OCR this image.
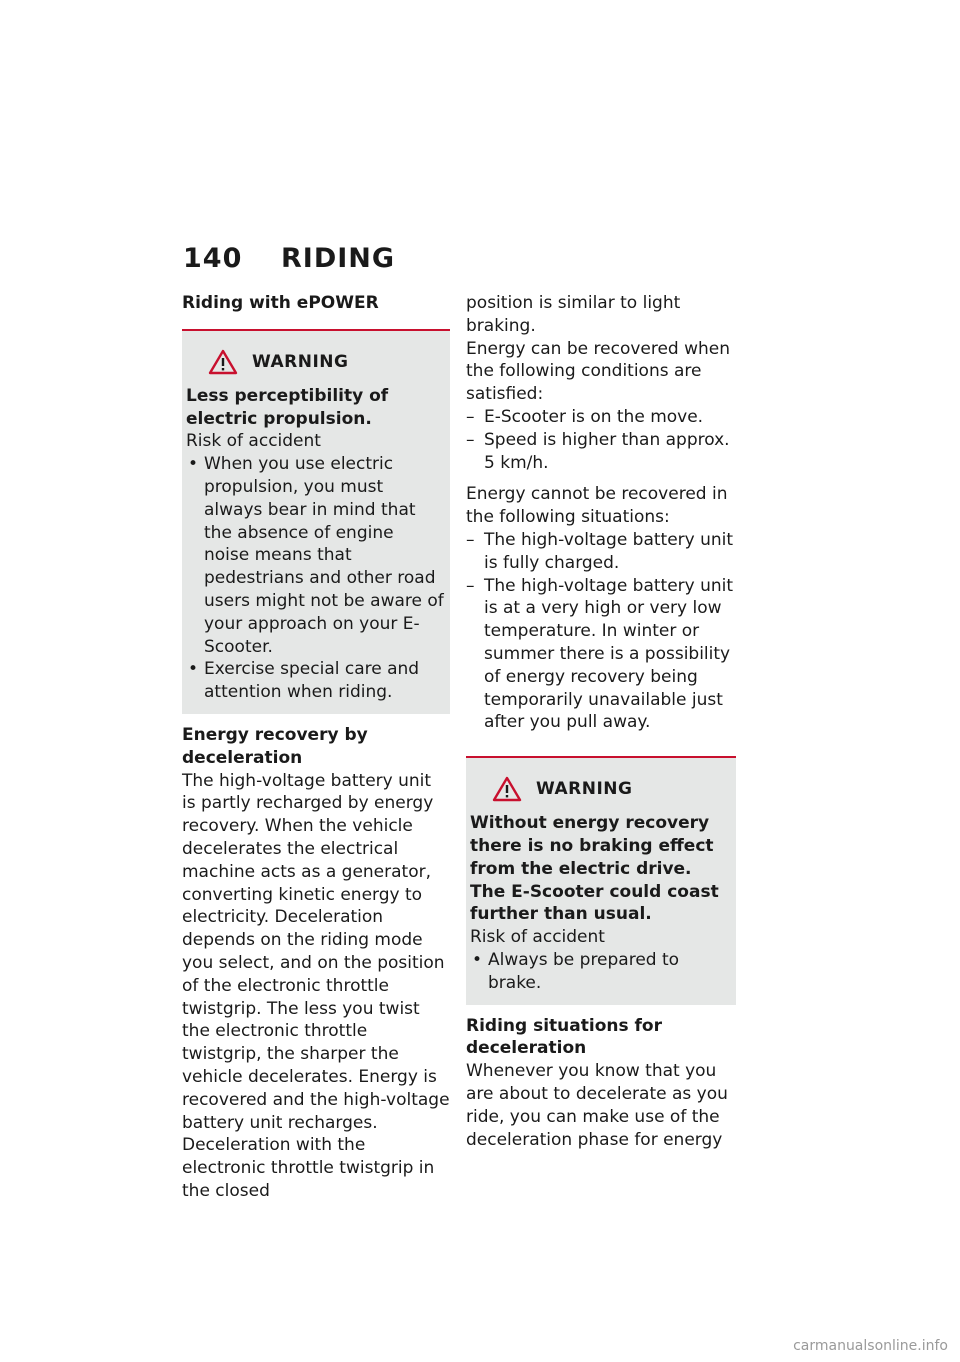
140 RIDING

Riding with ePOWER

WARNING

Less perceptibility of electric propulsion.

Risk of accident

• When you use electric propulsion, you must always bear in mind that the absence of engine noise means that pedestrians and other road users might not be aware of your approach on your E-Scooter.
• Exercise special care and attention when riding.

Energy recovery by deceleration

The high-voltage battery unit is partly recharged by energy recovery. When the vehicle decelerates the electrical machine acts as a generator, converting kinetic energy to electricity. Deceleration depends on the riding mode you select, and on the position of the electronic throttle twistgrip. The less you twist the electronic throttle twistgrip, the sharper the vehicle decelerates. Energy is recovered and the high-voltage battery unit recharges. Deceleration with the electronic throttle twistgrip in the closed

position is similar to light braking.

Energy can be recovered when the following conditions are satisfied:

– E-Scooter is on the move.
– Speed is higher than approx. 5 km/h.

Energy cannot be recovered in the following situations:

– The high-voltage battery unit is fully charged.
– The high-voltage battery unit is at a very high or very low temperature. In winter or summer there is a possibility of energy recovery being temporarily unavailable just after you pull away.
WARNING

Without energy recovery there is no braking effect from the electric drive. The E-Scooter could coast further than usual.

Risk of accident

• Always be prepared to brake.

Riding situations for deceleration

Whenever you know that you are about to decelerate as you ride, you can make use of the deceleration phase for energy

carmanualsonline.info
